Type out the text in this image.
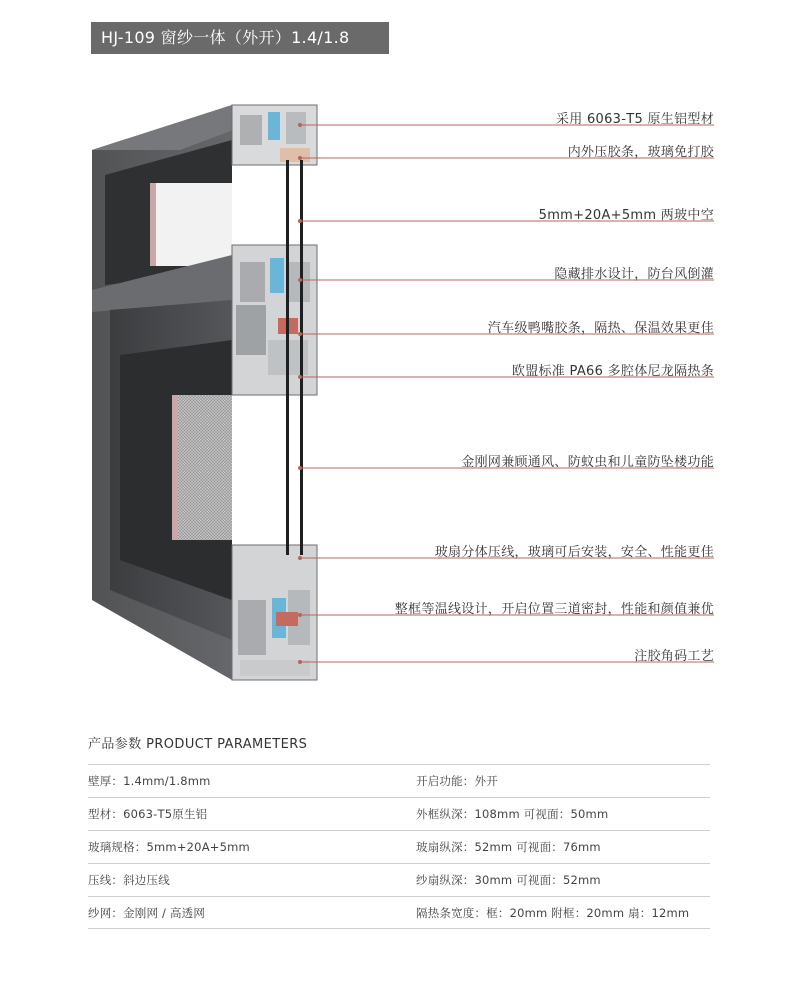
HJ-109 窗纱一体（外开）1.4/1.8
采用 6063-T5 原生铝型材
内外压胶条，玻璃免打胶
5mm+20A+5mm 两玻中空
隐藏排水设计，防台风倒灌
汽车级鸭嘴胶条，隔热、保温效果更佳
欧盟标准 PA66 多腔体尼龙隔热条
金刚网兼顾通风、防蚊虫和儿童防坠楼功能
玻扇分体压线，玻璃可后安装，安全、性能更佳
整框等温线设计，开启位置三道密封，性能和颜值兼优
注胶角码工艺
产品参数 PRODUCT PARAMETERS
壁厚：1.4mm/1.8mm	开启功能：外开
型材：6063-T5原生铝	外框纵深：108mm 可视面：50mm
玻璃规格：5mm+20A+5mm	玻扇纵深：52mm 可视面：76mm
压线：斜边压线	纱扇纵深：30mm 可视面：52mm
纱网：金刚网 / 高透网	隔热条宽度：框：20mm 附框：20mm 扇：12mm
